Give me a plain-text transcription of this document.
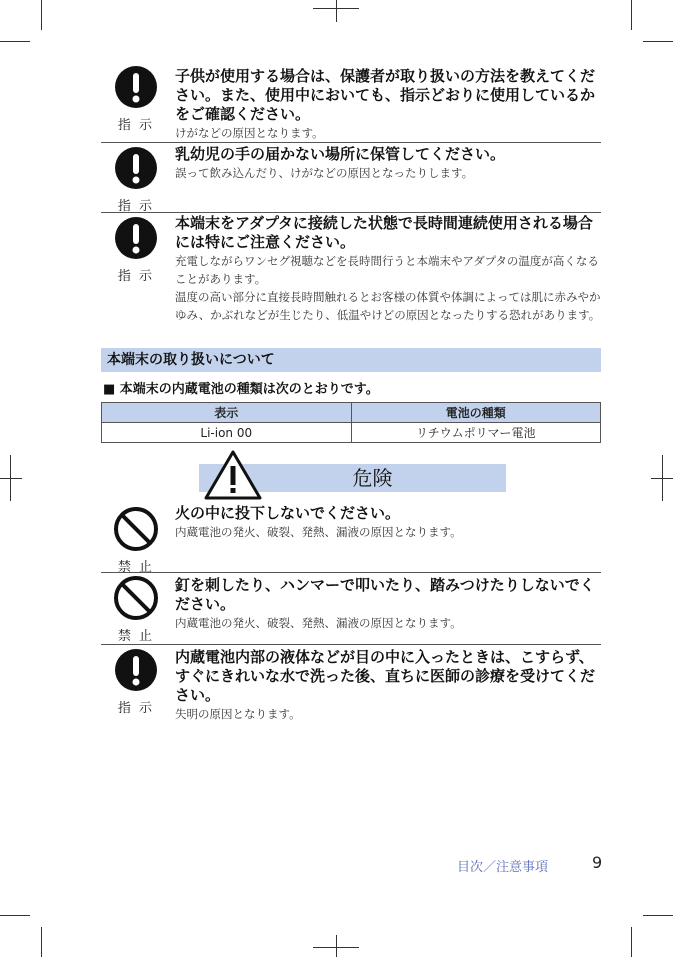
指 示
子供が使用する場合は、保護者が取り扱いの方法を教えてください。また、使用中においても、指示どおりに使用しているかをご確認ください。
けがなどの原因となります。
指 示
乳幼児の手の届かない場所に保管してください。
誤って飲み込んだり、けがなどの原因となったりします。
指 示
本端末をアダプタに接続した状態で長時間連続使用される場合には特にご注意ください。
充電しながらワンセグ視聴などを長時間行うと本端末やアダプタの温度が高くなることがあります。
温度の高い部分に直接長時間触れるとお客様の体質や体調によっては肌に赤みやかゆみ、かぶれなどが生じたり、低温やけどの原因となったりする恐れがあります。
本端末の取り扱いについて
■ 本端末の内蔵電池の種類は次のとおりです。
表示	電池の種類
Li-ion 00	リチウムポリマー電池
危険
禁 止
火の中に投下しないでください。
内蔵電池の発火、破裂、発熱、漏液の原因となります。
禁 止
釘を刺したり、ハンマーで叩いたり、踏みつけたりしないでください。
内蔵電池の発火、破裂、発熱、漏液の原因となります。
指 示
内蔵電池内部の液体などが目の中に入ったときは、こすらず、すぐにきれいな水で洗った後、直ちに医師の診療を受けてください。
失明の原因となります。
目次／注意事項	9
